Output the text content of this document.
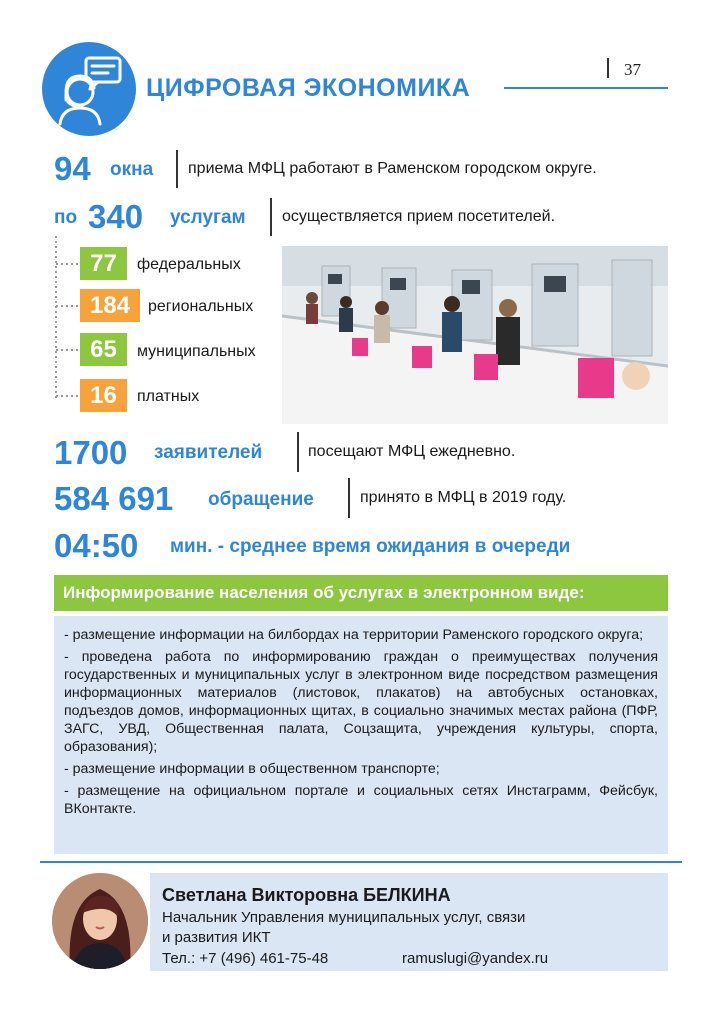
ЦИФРОВАЯ ЭКОНОМИКА
37
94 окна приема МФЦ работают в Раменском городском округе.
по 340 услугам осуществляется прием посетителей.
77	федеральных
184	региональных
65	муниципальных
16	платных
1700 заявителей	посещают МФЦ ежедневно.
584 691 обращение	принято в МФЦ в 2019 году.
04:50 мин. - среднее время ожидания в очереди
Информирование населения об услугах в электронном виде:
- размещение информации на билбордах на территории Раменского городского округа;
- проведена работа по информированию граждан о преимуществах получения государственных и муниципальных услуг в электронном виде посредством размещения информационных материалов (листовок, плакатов) на автобусных остановках, подъездов домов, информационных щитах, в социально значимых местах района (ПФР, ЗАГС, УВД, Общественная палата, Соцзащита, учреждения культуры, спорта, образования);
- размещение информации в общественном транспорте;
- размещение на официальном портале и социальных сетях Инстаграмм, Фейсбук, ВКонтакте.
Светлана Викторовна БЕЛКИНА
Начальник Управления муниципальных услуг, связи
и развития ИКТ
Тел.: +7 (496) 461-75-48	ramuslugi@yandex.ru
